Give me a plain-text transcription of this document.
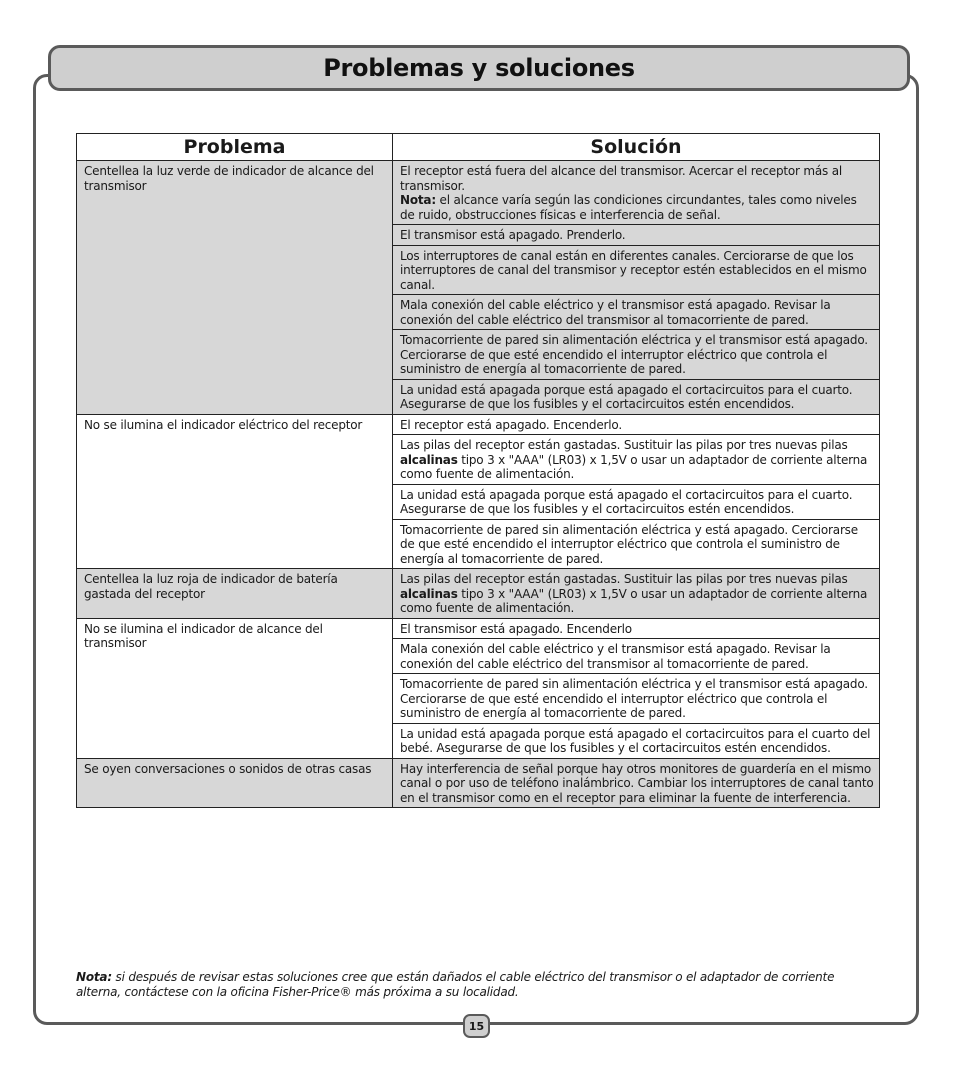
Problemas y soluciones
Problema	Solución
Centellea la luz verde de indicador de alcance del transmisor	El receptor está fuera del alcance del transmisor. Acercar el receptor más al transmisor.
Nota: el alcance varía según las condiciones circundantes, tales como niveles de ruido, obstrucciones físicas e interferencia de señal.
	El transmisor está apagado. Prenderlo.
	Los interruptores de canal están en diferentes canales. Cerciorarse de que los interruptores de canal del transmisor y receptor estén establecidos en el mismo canal.
	Mala conexión del cable eléctrico y el transmisor está apagado. Revisar la conexión del cable eléctrico del transmisor al tomacorriente de pared.
	Tomacorriente de pared sin alimentación eléctrica y el transmisor está apagado. Cerciorarse de que esté encendido el interruptor eléctrico que controla el suministro de energía al tomacorriente de pared.
	La unidad está apagada porque está apagado el cortacircuitos para el cuarto. Asegurarse de que los fusibles y el cortacircuitos estén encendidos.
No se ilumina el indicador eléctrico del receptor	El receptor está apagado. Encenderlo.
	Las pilas del receptor están gastadas. Sustituir las pilas por tres nuevas pilas alcalinas tipo 3 x "AAA" (LR03) x 1,5V o usar un adaptador de corriente alterna como fuente de alimentación.
	La unidad está apagada porque está apagado el cortacircuitos para el cuarto. Asegurarse de que los fusibles y el cortacircuitos estén encendidos.
	Tomacorriente de pared sin alimentación eléctrica y está apagado. Cerciorarse de que esté encendido el interruptor eléctrico que controla el suministro de energía al tomacorriente de pared.
Centellea la luz roja de indicador de batería gastada del receptor	Las pilas del receptor están gastadas. Sustituir las pilas por tres nuevas pilas alcalinas tipo 3 x "AAA" (LR03) x 1,5V o usar un adaptador de corriente alterna como fuente de alimentación.
No se ilumina el indicador de alcance del transmisor	El transmisor está apagado. Encenderlo
	Mala conexión del cable eléctrico y el transmisor está apagado. Revisar la conexión del cable eléctrico del transmisor al tomacorriente de pared.
	Tomacorriente de pared sin alimentación eléctrica y el transmisor está apagado. Cerciorarse de que esté encendido el interruptor eléctrico que controla el suministro de energía al tomacorriente de pared.
	La unidad está apagada porque está apagado el cortacircuitos para el cuarto del bebé. Asegurarse de que los fusibles y el cortacircuitos estén encendidos.
Se oyen conversaciones o sonidos de otras casas	Hay interferencia de señal porque hay otros monitores de guardería en el mismo canal o por uso de teléfono inalámbrico. Cambiar los interruptores de canal tanto en el transmisor como en el receptor para eliminar la fuente de interferencia.
Nota: si después de revisar estas soluciones cree que están dañados el cable eléctrico del transmisor o el adaptador de corriente alterna, contáctese con la oficina Fisher-Price® más próxima a su localidad.
15
